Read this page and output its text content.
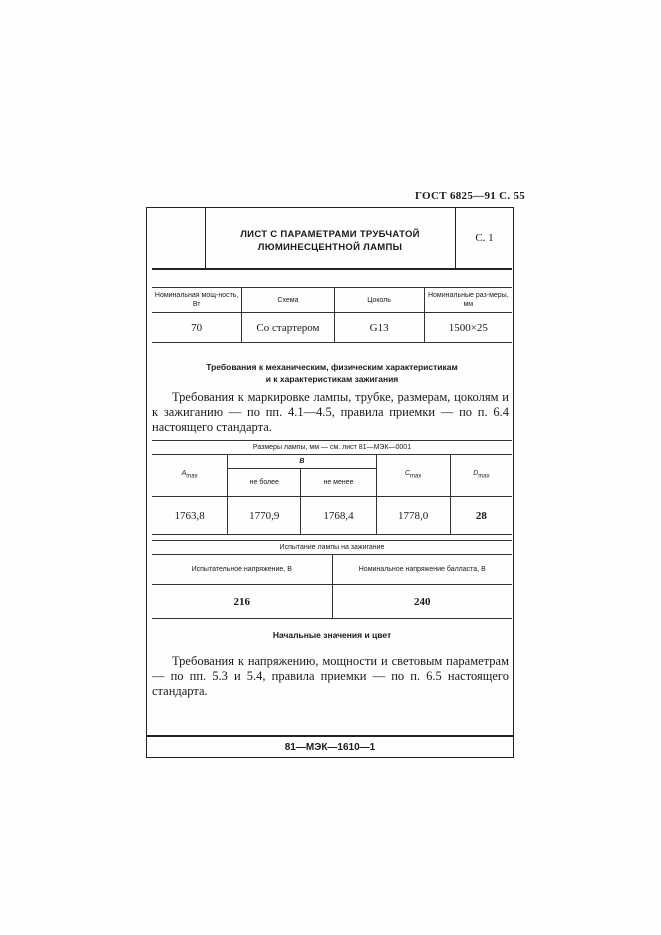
ГОСТ 6825—91 С. 55
ЛИСТ С ПАРАМЕТРАМИ ТРУБЧАТОЙ
ЛЮМИНЕСЦЕНТНОЙ ЛАМПЫ
С. 1
Номинальная мощ-ность, Вт	Схема	Цоколь	Номинальные раз-меры, мм
70	Со стартером	G13	1500×25
Требования к механическим, физическим характеристикам
и к характеристикам зажигания
Требования к маркировке лампы, трубке, размерам, цоколям и к зажиганию — по пп. 4.1—4.5, правила приемки — по п. 6.4 настоящего стандарта.
Размеры лампы, мм — см. лист 81—МЭК—0001				
$A_{max}$	B		$C_{max}$	$D_{max}$
	не более	не менее		
1763,8	1770,9	1768,4	1778,0	28
Испытание лампы на зажигание	
Испытательное напряжение, В	Номинальное напряжение балласта, В
216	240
Начальные значения и цвет
Требования к напряжению, мощности и световым параметрам — по пп. 5.3 и 5.4, правила приемки — по п. 6.5 настоящего стандарта.
81—МЭК—1610—1
